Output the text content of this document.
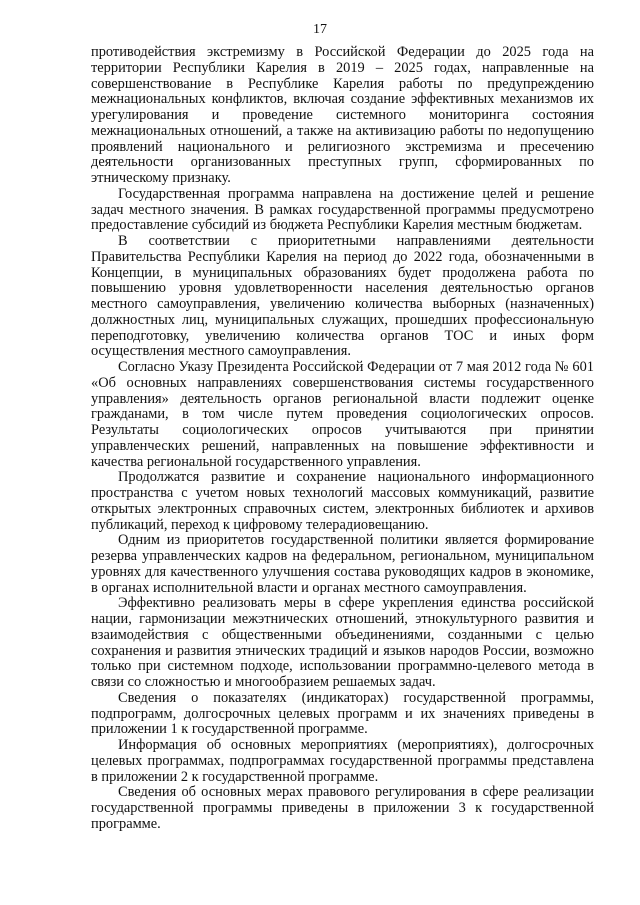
17

противодействия экстремизму в Российской Федерации до 2025 года на территории Республики Карелия в 2019 – 2025 годах, направленные на совершенствование в Республике Карелия работы по предупреждению межнациональных конфликтов, включая создание эффективных механизмов их урегулирования и проведение системного мониторинга состояния межнациональных отношений, а также на активизацию работы по недопущению проявлений национального и религиозного экстремизма и пресечению деятельности организованных преступных групп, сформированных по этническому признаку.

Государственная программа направлена на достижение целей и решение задач местного значения. В рамках государственной программы предусмотрено предоставление субсидий из бюджета Республики Карелия местным бюджетам.

В соответствии с приоритетными направлениями деятельности Правительства Республики Карелия на период до 2022 года, обозначенными в Концепции, в муниципальных образованиях будет продолжена работа по повышению уровня удовлетворенности населения деятельностью органов местного самоуправления, увеличению количества выборных (назначенных) должностных лиц, муниципальных служащих, прошедших профессиональную переподготовку, увеличению количества органов ТОС и иных форм осуществления местного самоуправления.

Согласно Указу Президента Российской Федерации от 7 мая 2012 года № 601 «Об основных направлениях совершенствования системы государственного управления» деятельность органов региональной власти подлежит оценке гражданами, в том числе путем проведения социологических опросов. Результаты социологических опросов учитываются при принятии управленческих решений, направленных на повышение эффективности и качества региональной государственного управления.

Продолжатся развитие и сохранение национального информационного пространства с учетом новых технологий массовых коммуникаций, развитие открытых электронных справочных систем, электронных библиотек и архивов публикаций, переход к цифровому телерадиовещанию.

Одним из приоритетов государственной политики является формирование резерва управленческих кадров на федеральном, региональном, муниципальном уровнях для качественного улучшения состава руководящих кадров в экономике, в органах исполнительной власти и органах местного самоуправления.

Эффективно реализовать меры в сфере укрепления единства российской нации, гармонизации межэтнических отношений, этнокультурного развития и взаимодействия с общественными объединениями, созданными с целью сохранения и развития этнических традиций и языков народов России, возможно только при системном подходе, использовании программно-целевого метода в связи со сложностью и многообразием решаемых задач.

Сведения о показателях (индикаторах) государственной программы, подпрограмм, долгосрочных целевых программ и их значениях приведены в приложении 1 к государственной программе.

Информация об основных мероприятиях (мероприятиях), долгосрочных целевых программах, подпрограммах государственной программы представлена в приложении 2 к государственной программе.

Сведения об основных мерах правового регулирования в сфере реализации государственной программы приведены в приложении 3 к государственной программе.
